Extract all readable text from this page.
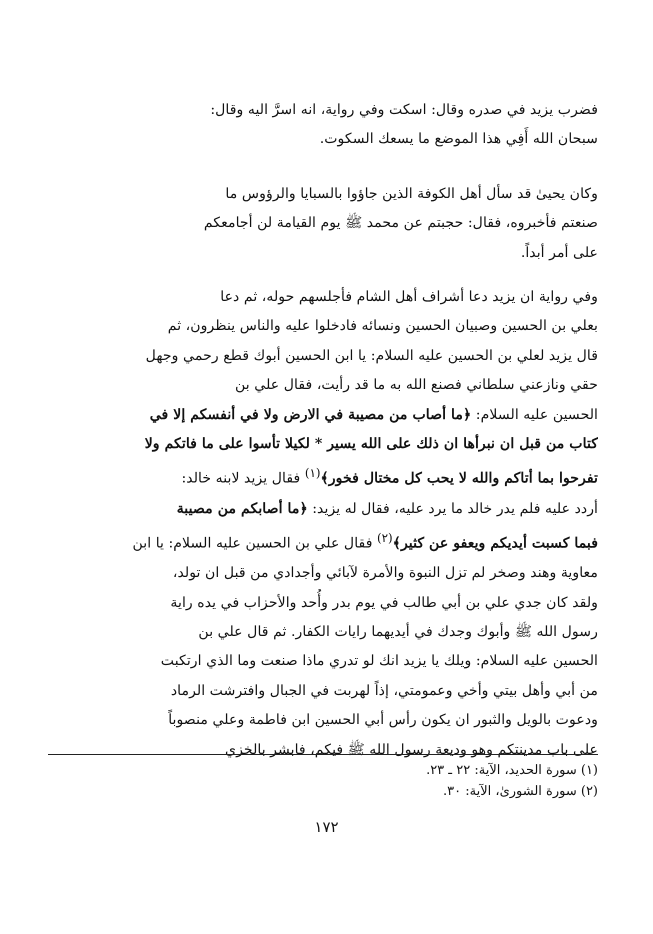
فضرب يزيد في صدره وقال: اسكت وفي رواية، انه اسرَّ اليه وقال:
سبحان الله أَفِي هذا الموضع ما يسعك السكوت.
وكان يحيىٰ قد سأل أهل الكوفة الذين جاؤوا بالسبايا والرؤوس ما
صنعتم فأخبروه، فقال: حجبتم عن محمد ﷺ يوم القيامة لن أجامعكم
على أمر أبداً.
وفي رواية ان يزيد دعا أشراف أهل الشام فأجلسهم حوله، ثم دعا
بعلي بن الحسين وصبيان الحسين ونسائه فادخلوا عليه والناس ينظرون، ثم
قال يزيد لعلي بن الحسين عليه السلام: يا ابن الحسين أبوك قطع رحمي وجهل
حقي ونازعني سلطاني فصنع الله به ما قد رأيت، فقال علي بن
الحسين عليه السلام: ﴿ما أصاب من مصيبة في الارض ولا في أنفسكم إلا في
كتاب من قبل ان نبرأها ان ذلك على الله يسير * لكيلا تأسوا على ما فاتكم ولا
تفرحوا بما أتاكم والله لا يحب كل مختال فخور﴾$^{(١)}$ فقال يزيد لابنه خالد:
أردد عليه فلم يدر خالد ما يرد عليه، فقال له يزيد: ﴿ما أصابكم من مصيبة
فبما كسبت أيديكم ويعفو عن كثير﴾$^{(٢)}$ فقال علي بن الحسين عليه السلام: يا ابن
معاوية وهند وصخر لم تزل النبوة والأمرة لآبائي وأجدادي من قبل ان تولد،
ولقد كان جدي علي بن أبي طالب في يوم بدر وأُحد والأحزاب في يده راية
رسول الله ﷺ وأبوك وجدك في أيديهما رايات الكفار. ثم قال علي بن
الحسين عليه السلام: ويلك يا يزيد انك لو تدري ماذا صنعت وما الذي ارتكبت
من أبي وأهل بيتي وأخي وعمومتي، إذاً لهربت في الجبال وافترشت الرماد
ودعوت بالويل والثبور ان يكون رأس أبي الحسين ابن فاطمة وعلي منصوباً
على باب مدينتكم وهو وديعة رسول الله ﷺ فيكم، فابشر بالخزي
(١) سورة الحديد، الآية: ٢٢ ـ ٢٣.
(٢) سورة الشورىٰ، الآية: ٣٠.
١٧٢
